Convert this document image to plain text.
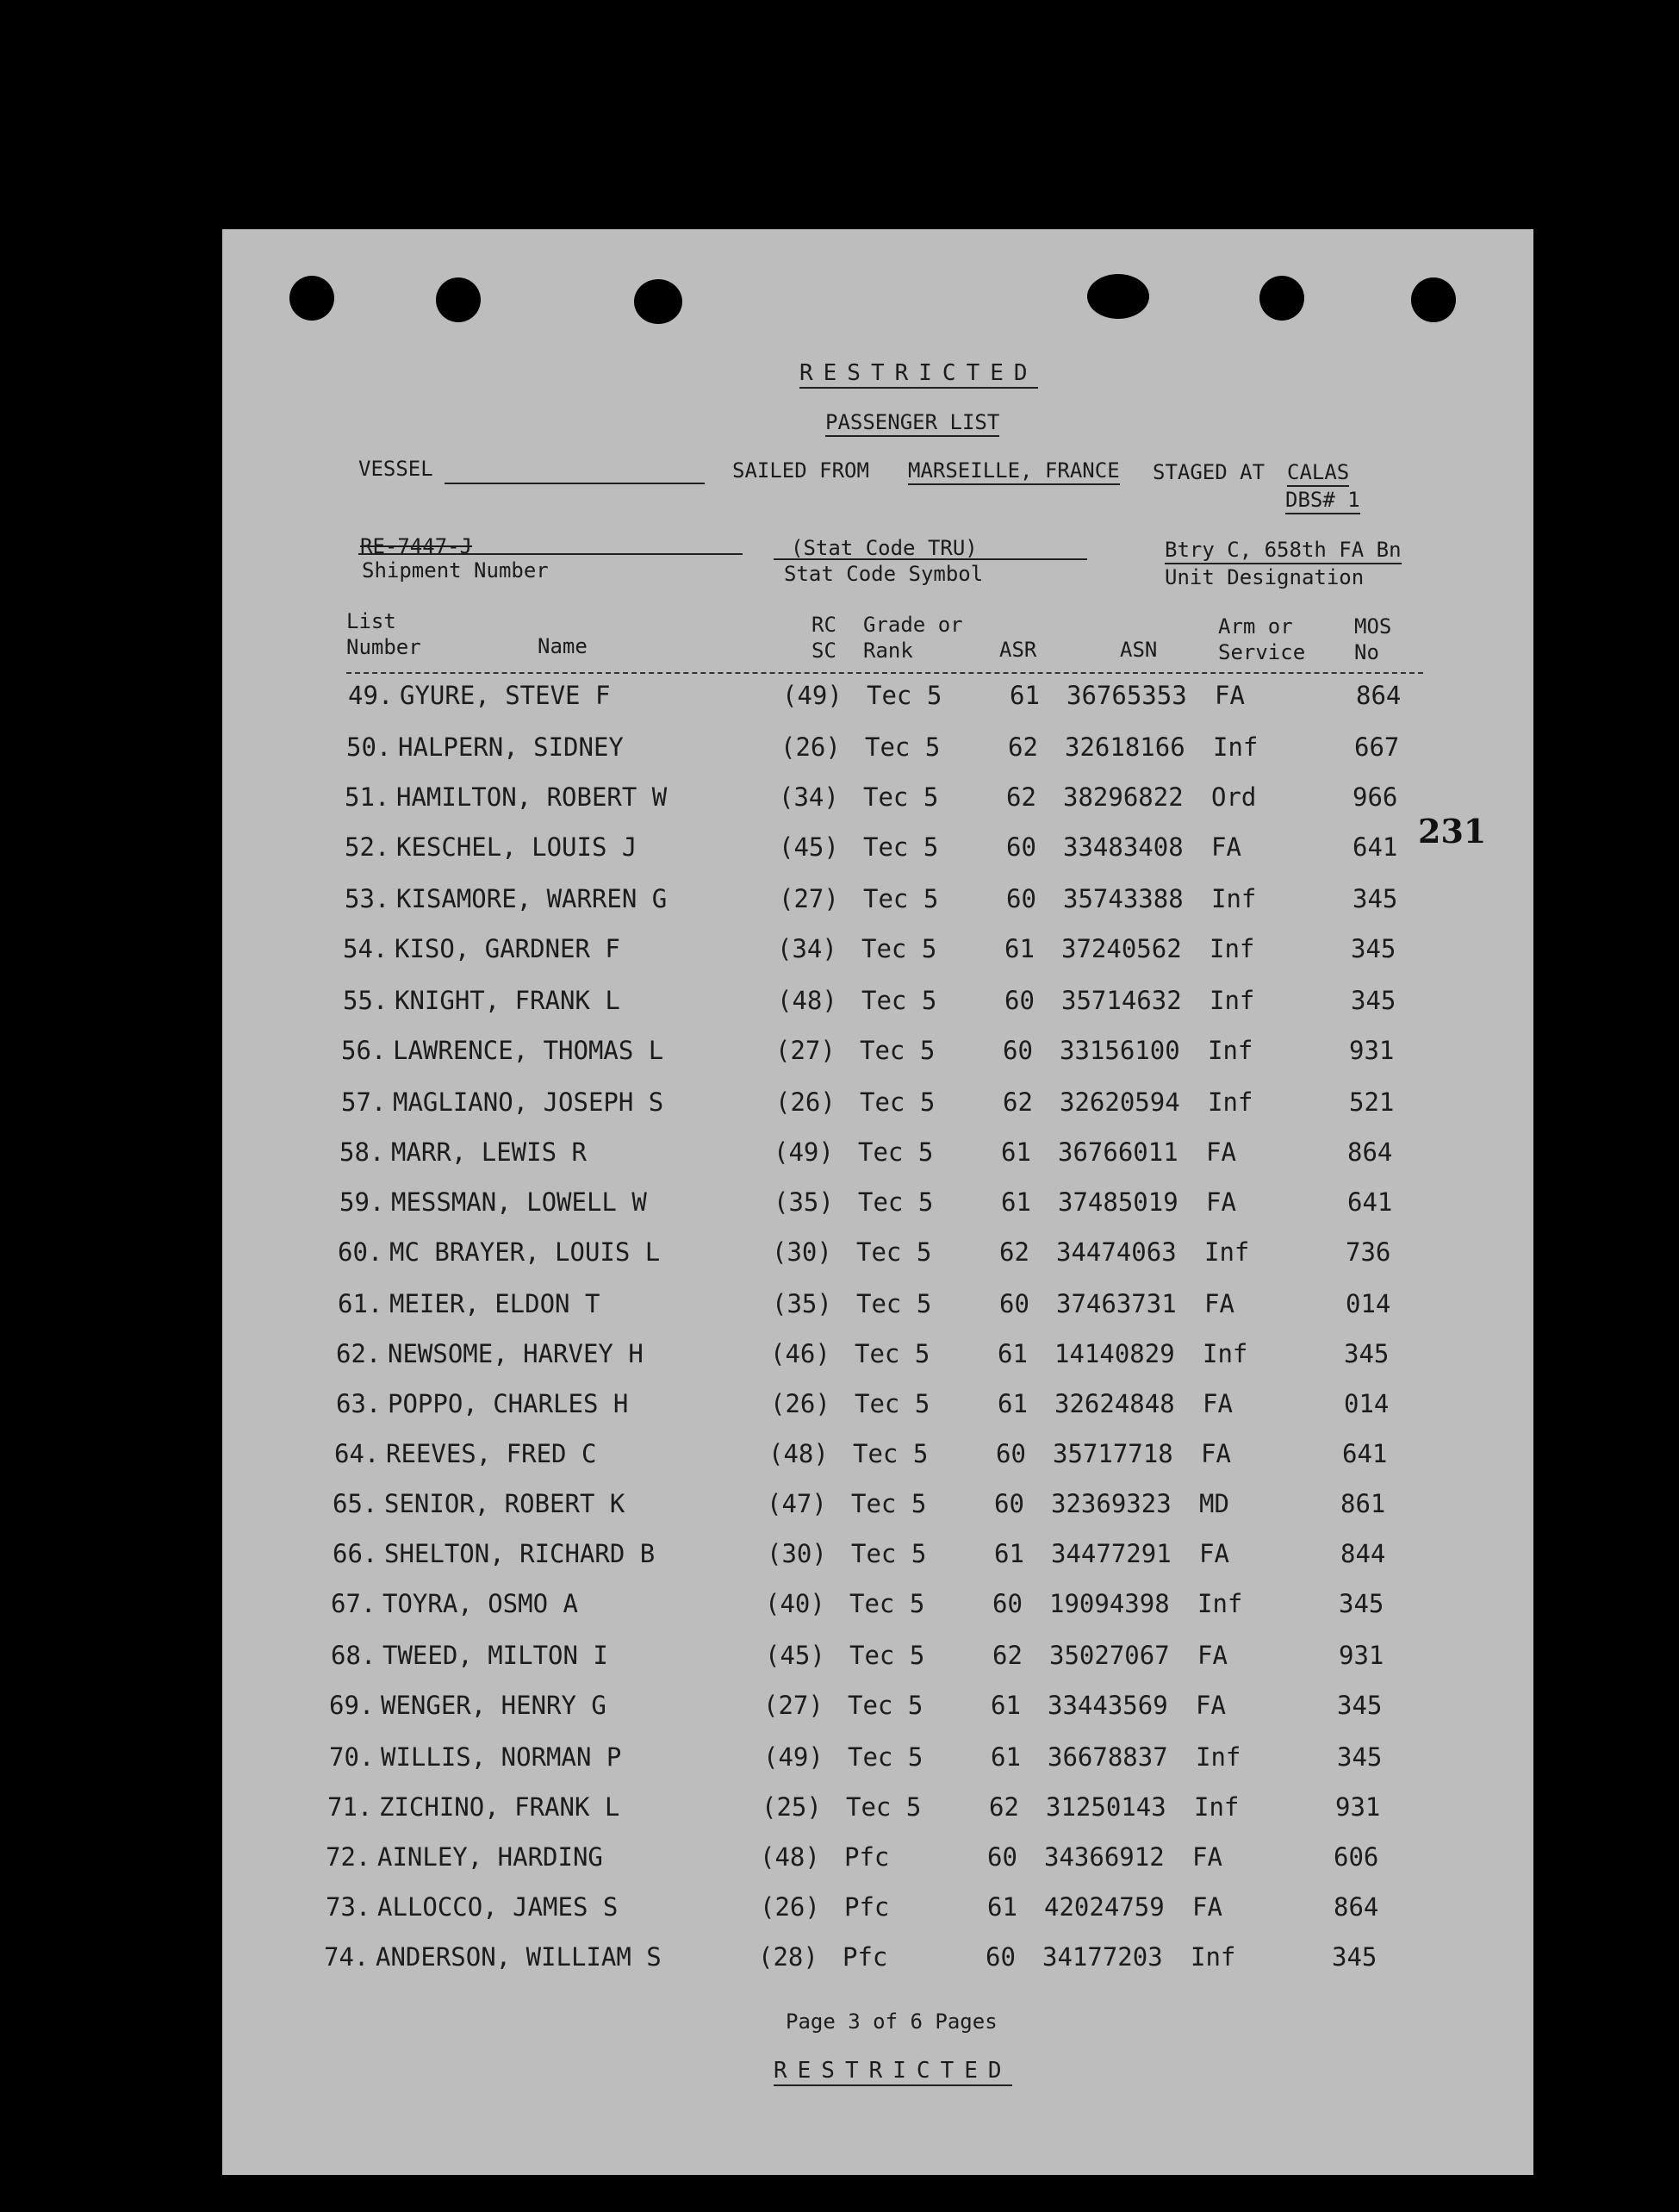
RESTRICTED
PASSENGER LIST
VESSEL	SAILED FROM MARSEILLE, FRANCE STAGED AT CALAS
DBS# 1
RE-7447-J
Shipment Number
(Stat Code TRU)
Stat Code Symbol
Btry C, 658th FA Bn
Unit Designation
231
List Number	Name
RC SC
Grade or Rank	ASR	ASN
Arm or Service
MOS No
49. GYURE, STEVE F	(49) Tec 5	61 36765353 FA	864
50. HALPERN, SIDNEY	(26) Tec 5	62 32618166 Inf	667
51. HAMILTON, ROBERT W	(34) Tec 5	62 38296822 Ord	966
52. KESCHEL, LOUIS J	(45) Tec 5	60 33483408 FA	641
53. KISAMORE, WARREN G	(27) Tec 5	60 35743388 Inf	345
54. KISO, GARDNER F	(34) Tec 5	61 37240562 Inf	345
55. KNIGHT, FRANK L	(48) Tec 5	60 35714632 Inf	345
56. LAWRENCE, THOMAS L	(27) Tec 5	60 33156100 Inf	931
57. MAGLIANO, JOSEPH S	(26) Tec 5	62 32620594 Inf	521
58. MARR, LEWIS R	(49) Tec 5	61 36766011 FA	864
59. MESSMAN, LOWELL W	(35) Tec 5	61 37485019 FA	641
60. MC BRAYER, LOUIS L	(30) Tec 5	62 34474063 Inf	736
61. MEIER, ELDON T	(35) Tec 5	60 37463731 FA	014
62. NEWSOME, HARVEY H	(46) Tec 5	61 14140829 Inf	345
63. POPPO, CHARLES H	(26) Tec 5	61 32624848 FA	014
64. REEVES, FRED C	(48) Tec 5	60 35717718 FA	641
65. SENIOR, ROBERT K	(47) Tec 5	60 32369323 MD	861
66. SHELTON, RICHARD B	(30) Tec 5	61 34477291 FA	844
67. TOYRA, OSMO A	(40) Tec 5	60 19094398 Inf	345
68. TWEED, MILTON I	(45) Tec 5	62 35027067 FA	931
69. WENGER, HENRY G	(27) Tec 5	61 33443569 FA	345
70. WILLIS, NORMAN P	(49) Tec 5	61 36678837 Inf	345
71. ZICHINO, FRANK L	(25) Tec 5	62 31250143 Inf	931
72. AINLEY, HARDING	(48) Pfc	60 34366912 FA	606
73. ALLOCCO, JAMES S	(26) Pfc	61 42024759 FA	864
74. ANDERSON, WILLIAM S	(28) Pfc	60 34177203 Inf	345
Page 3 of 6 Pages
RESTRICTED
